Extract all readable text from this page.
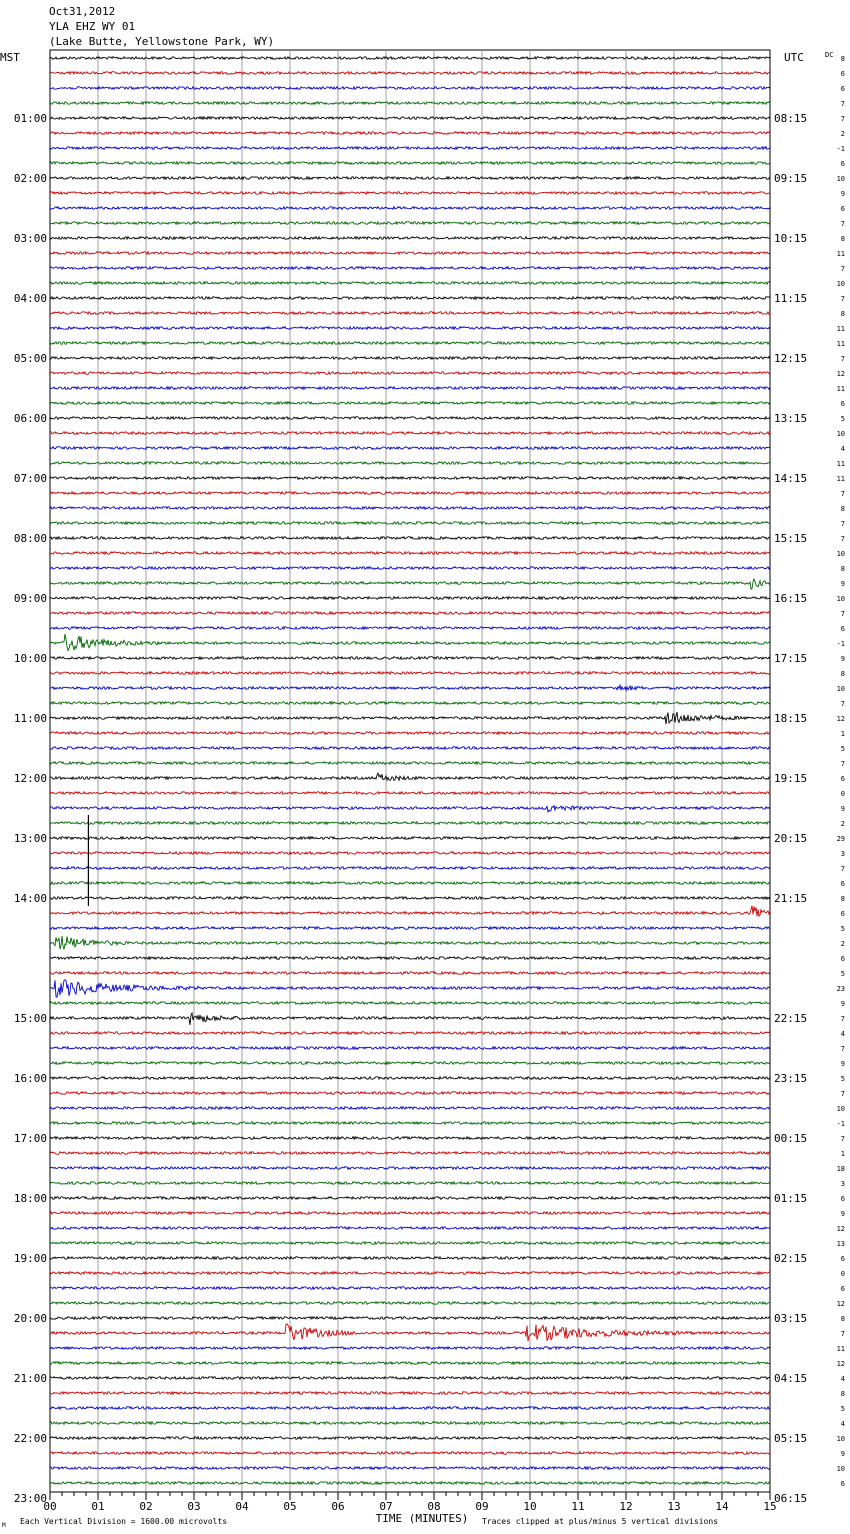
Oct31,2012
YLA EHZ WY 01
(Lake Butte, Yellowstone Park, WY)
MST	UTC	DC
01:00
02:00
03:00
04:00
05:00
06:00
07:00
08:00
09:00
10:00
11:00
12:00
13:00
14:00
15:00
16:00
17:00
18:00
19:00
20:00
21:00
22:00
23:00
08:15
09:15
10:15
11:15
12:15
13:15
14:15
15:15
16:15
17:15
18:15
19:15
20:15
21:15
22:15
23:15
00:15
01:15
02:15
03:15
04:15
05:15
06:15
8
6
6
7
7
2
-1
6
10
9
6
7
8
11
7
10
7
8
11
11
7
12
11
6
5
10
4
11
11
7
8
7
7
10
8
9
10
7
6
-1
9
8
10
7
12
1
5
7
6
0
9
2
29
3
7
6
8
6
5
2
6
5
23
9
7
4
7
9
5
7
10
-1
7
1
18
3
6
9
12
13
6
0
6
12
8
7
11
12
4
8
5
4
10
9
10
6
00	01	02	03	04	05	06	07	08	09	10	11	12	13	14	15
TIME (MINUTES)
Each Vertical Division = 1600.00 microvolts	Traces clipped at plus/minus 5 vertical divisions
M
